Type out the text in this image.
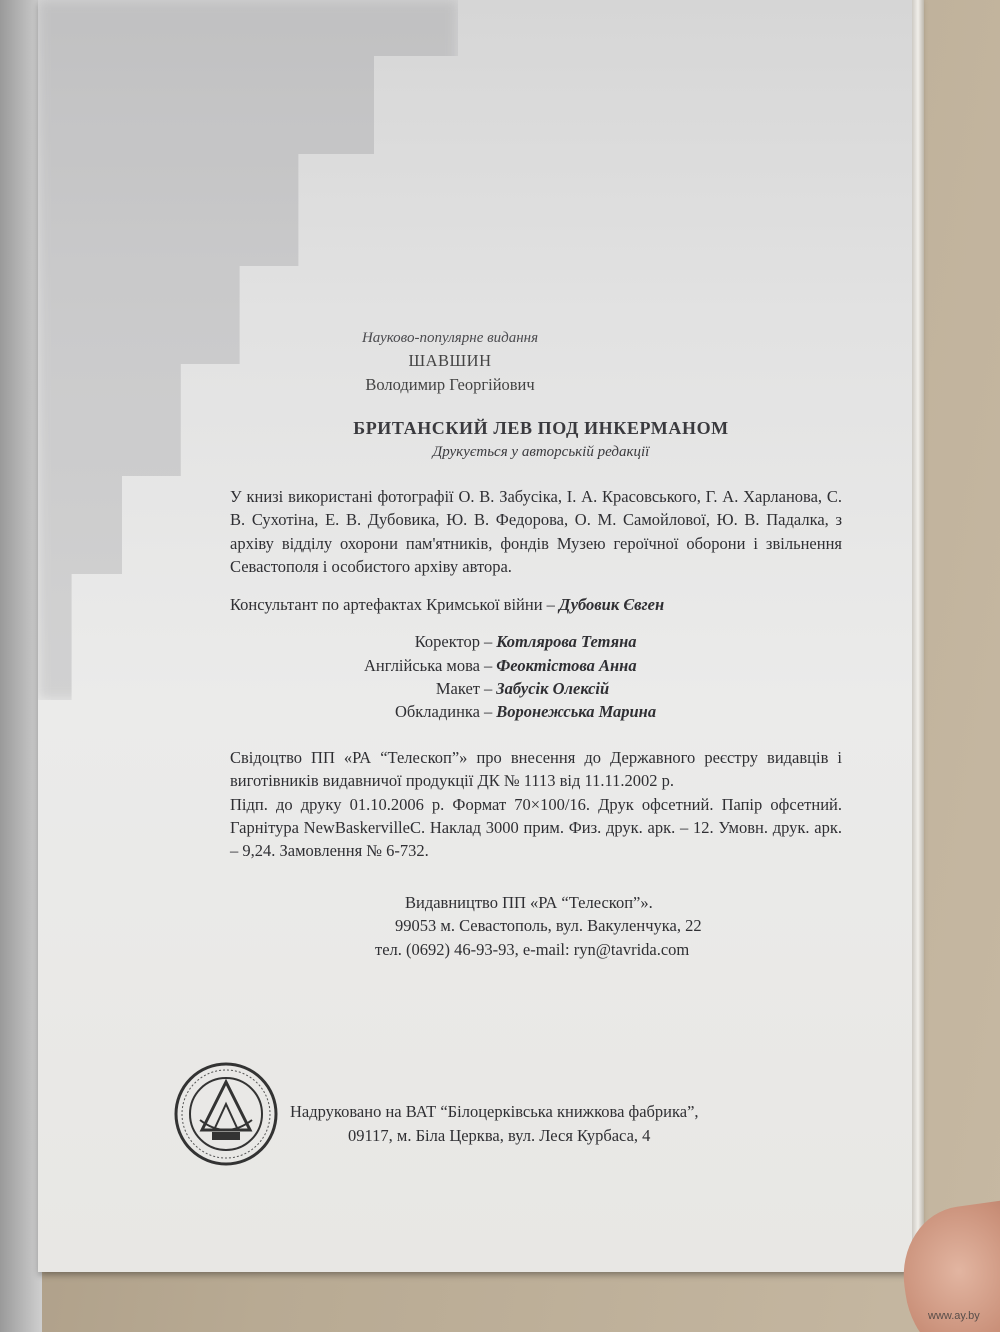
Науково-популярне видання
ШАВШИН
Володимир Георгійович
БРИТАНСКИЙ ЛЕВ ПОД ИНКЕРМАНОМ
Друкується у авторській редакції
У книзі використані фотографії О. В. Забусіка, І. А. Красовського, Г. А. Харланова, С. В. Сухотіна, Е. В. Дубовика, Ю. В. Федорова, О. М. Самойлової, Ю. В. Падалка, з архіву відділу охорони пам'ятників, фондів Музею героїчної оборони і звільнення Севастополя і особистого архіву автора.
Консультант по артефактах Кримської війни – Дубовик Євген
Коректор – Котлярова Тетяна
Англійська мова – Феоктістова Анна
Макет – Забусік Олексій
Обкладинка – Воронежська Марина
Свідоцтво ПП «РА “Телескоп”» про внесення до Державного реєстру видавців і виготівників видавничої продукції ДК № 1113 від 11.11.2002 р.
Підп. до друку 01.10.2006 р. Формат 70×100/16. Друк офсетний. Папір офсетний. Гарнітура NewBaskervilleC. Наклад 3000 прим. Физ. друк. арк. – 12. Умовн. друк. арк. – 9,24. Замовлення № 6-732.
Видавництво ПП «РА “Телескоп”».
99053 м. Севастополь, вул. Вакуленчука, 22
тел. (0692) 46-93-93, e-mail: ryn@tavrida.com
Надруковано на ВАТ “Білоцерківська книжкова фабрика”,
09117, м. Біла Церква, вул. Леся Курбаса, 4
www.ay.by
